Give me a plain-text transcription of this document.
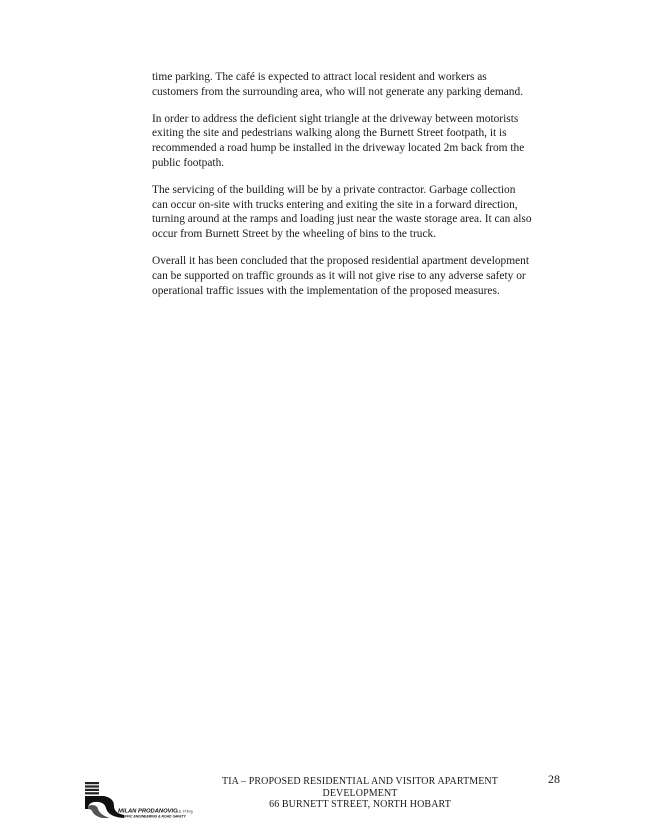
time parking. The café is expected to attract local resident and workers as customers from the surrounding area, who will not generate any parking demand.

In order to address the deficient sight triangle at the driveway between motorists exiting the site and pedestrians walking along the Burnett Street footpath, it is recommended a road hump be installed in the driveway located 2m back from the public footpath.

The servicing of the building will be by a private contractor. Garbage collection can occur on-site with trucks entering and exiting the site in a forward direction, turning around at the ramps and loading just near the waste storage area. It can also occur from Burnett Street by the wheeling of bins to the truck.

Overall it has been concluded that the proposed residential apartment development can be supported on traffic grounds as it will not give rise to any adverse safety or operational traffic issues with the implementation of the proposed measures.

MILAN PRODANOVIC
B.E. FTEng
TRAFFIC ENGINEERING & ROAD SAFETY
TIA – PROPOSED RESIDENTIAL AND VISITOR APARTMENT
DEVELOPMENT
66 BURNETT STREET, NORTH HOBART
28
